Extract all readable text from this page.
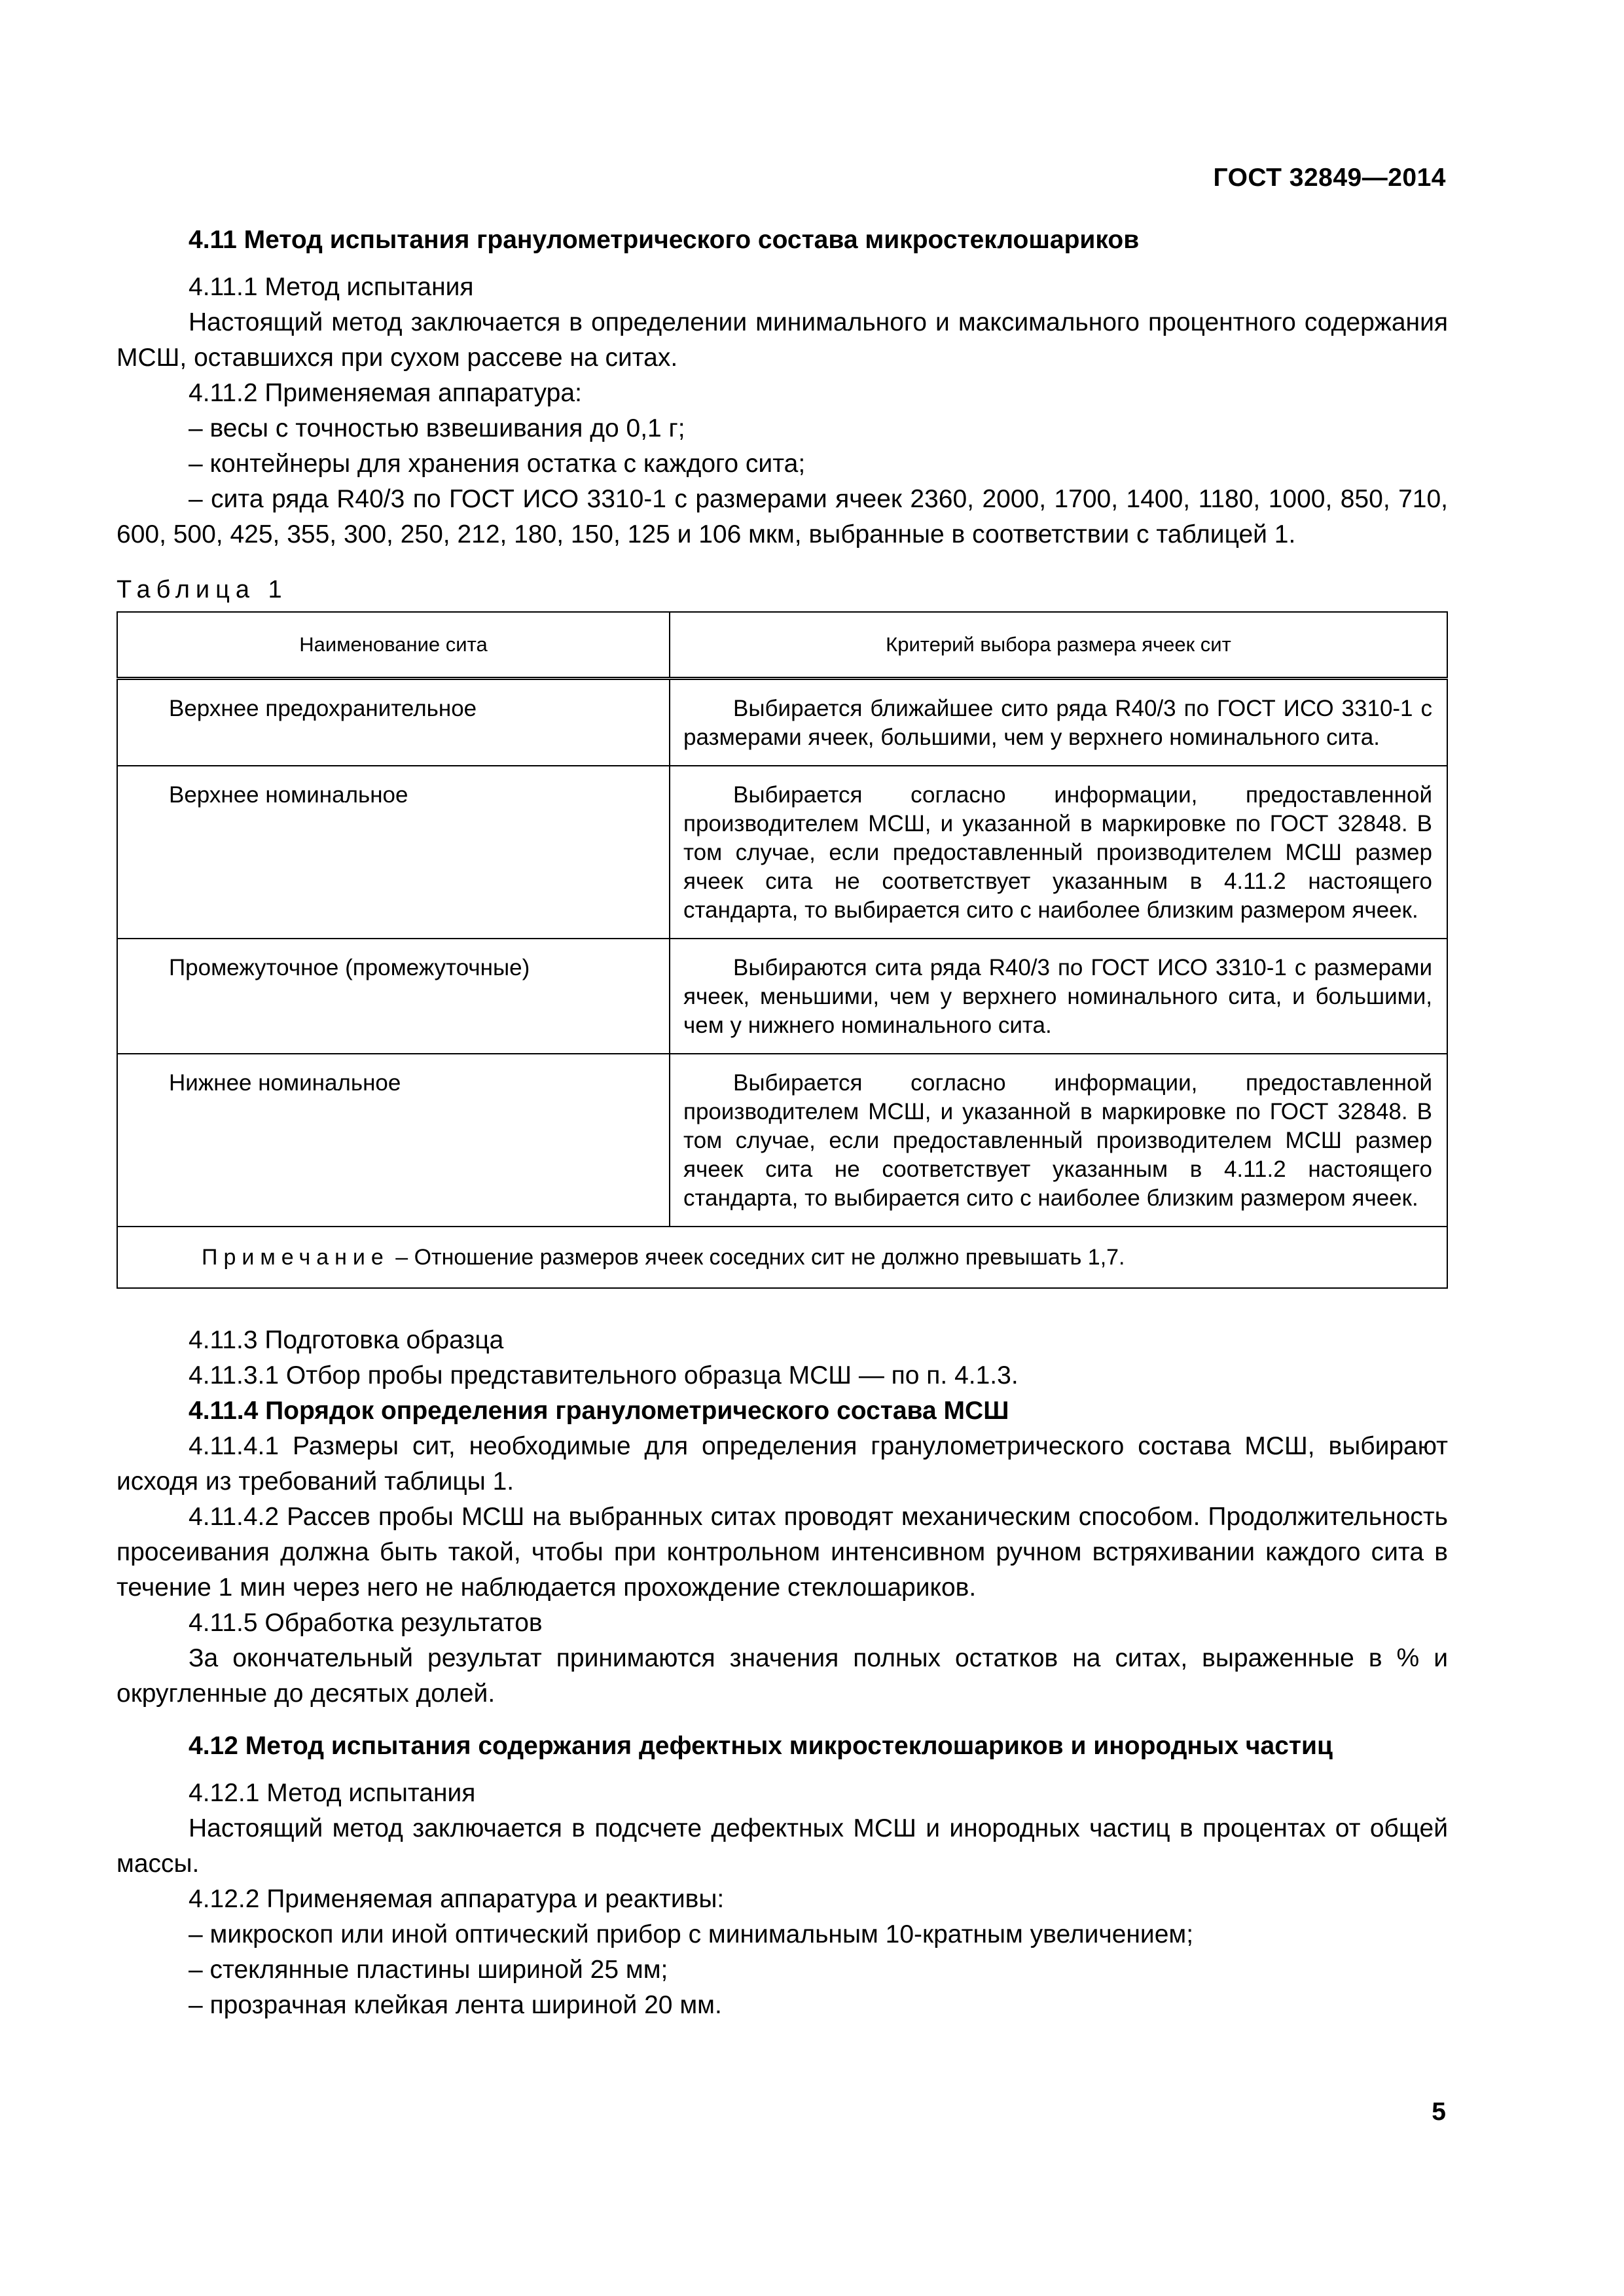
ГОСТ 32849—2014

4.11 Метод испытания гранулометрического состава микростеклошариков

4.11.1 Метод испытания

Настоящий метод заключается в определении минимального и максимального процентного содержания МСШ, оставшихся при сухом рассеве на ситах.

4.11.2 Применяемая аппаратура:

– весы с точностью взвешивания до 0,1 г;

– контейнеры для хранения остатка с каждого сита;

– сита ряда R40/3 по ГОСТ ИСО 3310-1 с размерами ячеек 2360, 2000, 1700, 1400, 1180, 1000, 850, 710, 600, 500, 425, 355, 300, 250, 212, 180, 150, 125 и 106 мкм, выбранные в соответствии с таблицей 1.

Таблица 1

Наименование сита	Критерий выбора размера ячеек сит
Верхнее предохранительное	Выбирается ближайшее сито ряда R40/3 по ГОСТ ИСО 3310-1 с размерами ячеек, большими, чем у верхнего номинального сита.
Верхнее номинальное	Выбирается согласно информации, предоставленной производителем МСШ, и указанной в маркировке по ГОСТ 32848. В том случае, если предоставленный производителем МСШ размер ячеек сита не соответствует указанным в 4.11.2 настоящего стандарта, то выбирается сито с наиболее близким размером ячеек.
Промежуточное (промежуточные)	Выбираются сита ряда R40/3 по ГОСТ ИСО 3310-1 с размерами ячеек, меньшими, чем у верхнего номинального сита, и большими, чем у нижнего номинального сита.
Нижнее номинальное	Выбирается согласно информации, предоставленной производителем МСШ, и указанной в маркировке по ГОСТ 32848. В том случае, если предоставленный производителем МСШ размер ячеек сита не соответствует указанным в 4.11.2 настоящего стандарта, то выбирается сито с наиболее близким размером ячеек.
Примечание – Отношение размеров ячеек соседних сит не должно превышать 1,7.	

4.11.3 Подготовка образца

4.11.3.1 Отбор пробы представительного образца МСШ — по п. 4.1.3.

4.11.4 Порядок определения гранулометрического состава МСШ

4.11.4.1 Размеры сит, необходимые для определения гранулометрического состава МСШ, выбирают исходя из требований таблицы 1.

4.11.4.2 Рассев пробы МСШ на выбранных ситах проводят механическим способом. Продолжительность просеивания должна быть такой, чтобы при контрольном интенсивном ручном встряхивании каждого сита в течение 1 мин через него не наблюдается прохождение стеклошариков.

4.11.5 Обработка результатов

За окончательный результат принимаются значения полных остатков на ситах, выраженные в % и округленные до десятых долей.

4.12 Метод испытания содержания дефектных микростеклошариков и инородных частиц

4.12.1 Метод испытания

Настоящий метод заключается в подсчете дефектных МСШ и инородных частиц в процентах от общей массы.

4.12.2 Применяемая аппаратура и реактивы:

– микроскоп или иной оптический прибор с минимальным 10-кратным увеличением;

– стеклянные пластины шириной 25 мм;

– прозрачная клейкая лента шириной 20 мм.

5
